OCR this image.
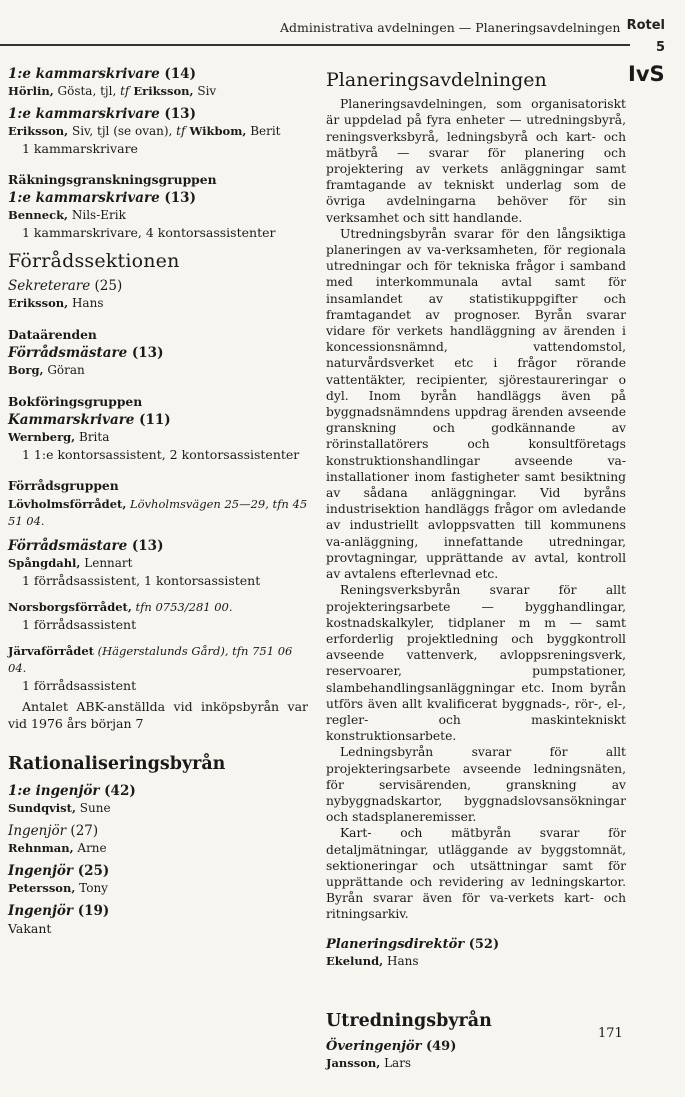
Administrativa avdelningen — Planeringsavdelningen Rotel
5
IvS
1:e kammarskrivare (14)
Hörlin, Gösta, tjl, tf Eriksson, Siv
1:e kammarskrivare (13)
Eriksson, Siv, tjl (se ovan), tf Wikbom, Berit
1 kammarskrivare
Räkningsgranskningsgruppen
1:e kammarskrivare (13)
Benneck, Nils-Erik
1 kammarskrivare, 4 kontorsassistenter
Förrådssektionen
Sekreterare (25)
Eriksson, Hans
Dataärenden
Förrådsmästare (13)
Borg, Göran
Bokföringsgruppen
Kammarskrivare (11)
Wernberg, Brita
1 1:e kontorsassistent, 2 kontorsassistenter
Förrådsgruppen
Lövholmsförrådet, Lövholmsvägen 25—29, tfn 45 51 04.
Förrådsmästare (13)
Spångdahl, Lennart
1 förrådsassistent, 1 kontorsassistent
Norsborgsförrådet, tfn 0753/281 00.
1 förrådsassistent
Järvaförrådet (Hägerstalunds Gård), tfn 751 06 04.
1 förrådsassistent

Antalet ABK-anställda vid inköpsbyrån var vid 1976 års början 7

Rationaliseringsbyrån
1:e ingenjör (42)
Sundqvist, Sune
Ingenjör (27)
Rehnman, Arne
Ingenjör (25)
Petersson, Tony
Ingenjör (19)
Vakant
Planeringsavdelningen

Planeringsavdelningen, som organisatoriskt är uppdelad på fyra enheter — utredningsbyrå, reningsverksbyrå, ledningsbyrå och kart- och mätbyrå — svarar för planering och projektering av verkets anläggningar samt framtagande av tekniskt underlag som de övriga avdelningarna behöver för sin verksamhet och sitt handlande.

Utredningsbyrån svarar för den långsiktiga planeringen av va-verksamheten, för regionala utredningar och för tekniska frågor i samband med interkommunala avtal samt för insamlandet av statistikuppgifter och framtagandet av prognoser. Byrån svarar vidare för verkets handläggning av ärenden i koncessionsnämnd, vattendomstol, naturvårdsverket etc i frågor rörande vattentäkter, recipienter, sjörestaureringar o dyl. Inom byrån handläggs även på byggnadsnämndens uppdrag ärenden avseende granskning och godkännande av rörinstallatörers och konsultföretags konstruktionshandlingar avseende va-installationer inom fastigheter samt besiktning av sådana anläggningar. Vid byråns industrisektion handläggs frågor om avledande av industriellt avloppsvatten till kommunens va-anläggning, innefattande utredningar, provtagningar, upprättande av avtal, kontroll av avtalens efterlevnad etc.

Reningsverksbyrån svarar för allt projekteringsarbete — bygghandlingar, kostnadskalkyler, tidplaner m m — samt erforderlig projektledning och byggkontroll avseende vattenverk, avloppsreningsverk, reservoarer, pumpstationer, slambehandlingsanläggningar etc. Inom byrån utförs även allt kvalificerat byggnads-, rör-, el-, regler- och maskintekniskt konstruktionsarbete.

Ledningsbyrån svarar för allt projekteringsarbete avseende ledningsnäten, för servisärenden, granskning av nybyggnadskartor, byggnadslovsansökningar och stadsplaneremisser.

Kart- och mätbyrån svarar för detaljmätningar, utläggande av byggstomnät, sektioneringar och utsättningar samt för upprättande och revidering av ledningskartor. Byrån svarar även för va-verkets kart- och ritningsarkiv.

Planeringsdirektör (52)
Ekelund, Hans
Utredningsbyrån
Överingenjör (49)
Jansson, Lars
171
